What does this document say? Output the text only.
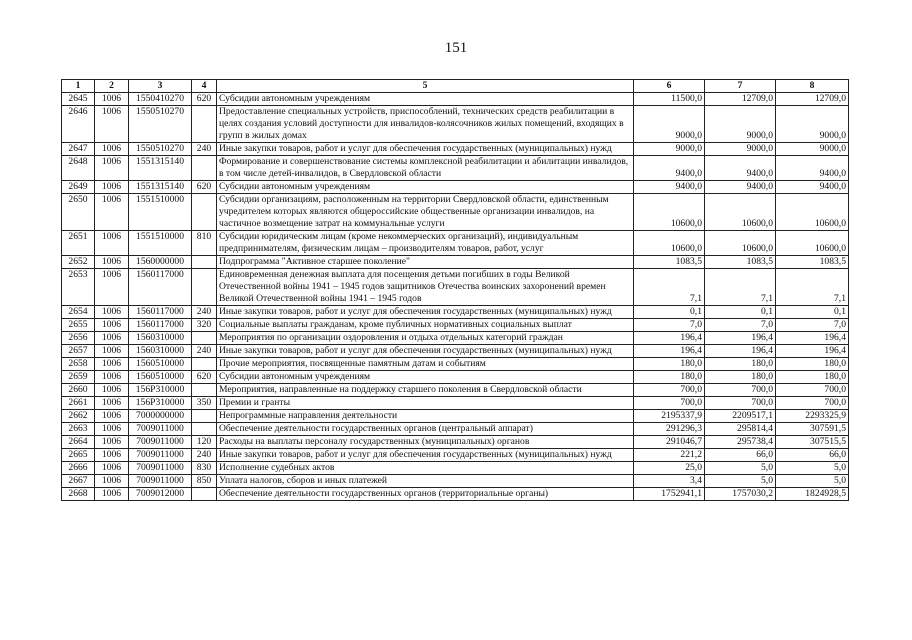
151
1	2	3	4	5	6	7	8
2645	1006	1550410270	620	Субсидии автономным учреждениям	11500,0	12709,0	12709,0
2646	1006	1550510270		Предоставление специальных устройств, приспособлений, технических средств реабилитации в целях создания условий доступности для инвалидов-колясочников жилых помещений, входящих в групп в жилых домах	9000,0	9000,0	9000,0
2647	1006	1550510270	240	Иные закупки товаров, работ и услуг для обеспечения государственных (муниципальных) нужд	9000,0	9000,0	9000,0
2648	1006	1551315140		Формирование и совершенствование системы комплексной реабилитации и абилитации инвалидов, в том числе детей-инвалидов, в Свердловской области	9400,0	9400,0	9400,0
2649	1006	1551315140	620	Субсидии автономным учреждениям	9400,0	9400,0	9400,0
2650	1006	1551510000		Субсидии организациям, расположенным на территории Свердловской области, единственным учредителем которых являются общероссийские общественные организации инвалидов, на частичное возмещение затрат на коммунальные услуги	10600,0	10600,0	10600,0
2651	1006	1551510000	810	Субсидии юридическим лицам (кроме некоммерческих организаций), индивидуальным предпринимателям, физическим лицам – производителям товаров, работ, услуг	10600,0	10600,0	10600,0
2652	1006	1560000000		Подпрограмма "Активное старшее поколение"	1083,5	1083,5	1083,5
2653	1006	1560117000		Единовременная денежная выплата для посещения детьми погибших в годы Великой Отечественной войны 1941 – 1945 годов защитников Отечества воинских захоронений времен Великой Отечественной войны 1941 – 1945 годов	7,1	7,1	7,1
2654	1006	1560117000	240	Иные закупки товаров, работ и услуг для обеспечения государственных (муниципальных) нужд	0,1	0,1	0,1
2655	1006	1560117000	320	Социальные выплаты гражданам, кроме публичных нормативных социальных выплат	7,0	7,0	7,0
2656	1006	1560310000		Мероприятия по организации оздоровления и отдыха отдельных категорий граждан	196,4	196,4	196,4
2657	1006	1560310000	240	Иные закупки товаров, работ и услуг для обеспечения государственных (муниципальных) нужд	196,4	196,4	196,4
2658	1006	1560510000		Прочие мероприятия, посвященные памятным датам и событиям	180,0	180,0	180,0
2659	1006	1560510000	620	Субсидии автономным учреждениям	180,0	180,0	180,0
2660	1006	156P310000		Мероприятия, направленные на поддержку старшего поколения в Свердловской области	700,0	700,0	700,0
2661	1006	156P310000	350	Премии и гранты	700,0	700,0	700,0
2662	1006	7000000000		Непрограммные направления деятельности	2195337,9	2209517,1	2293325,9
2663	1006	7009011000		Обеспечение деятельности государственных органов (центральный аппарат)	291296,3	295814,4	307591,5
2664	1006	7009011000	120	Расходы на выплаты персоналу государственных (муниципальных) органов	291046,7	295738,4	307515,5
2665	1006	7009011000	240	Иные закупки товаров, работ и услуг для обеспечения государственных (муниципальных) нужд	221,2	66,0	66,0
2666	1006	7009011000	830	Исполнение судебных актов	25,0	5,0	5,0
2667	1006	7009011000	850	Уплата налогов, сборов и иных платежей	3,4	5,0	5,0
2668	1006	7009012000		Обеспечение деятельности государственных органов (территориальные органы)	1752941,1	1757030,2	1824928,5
